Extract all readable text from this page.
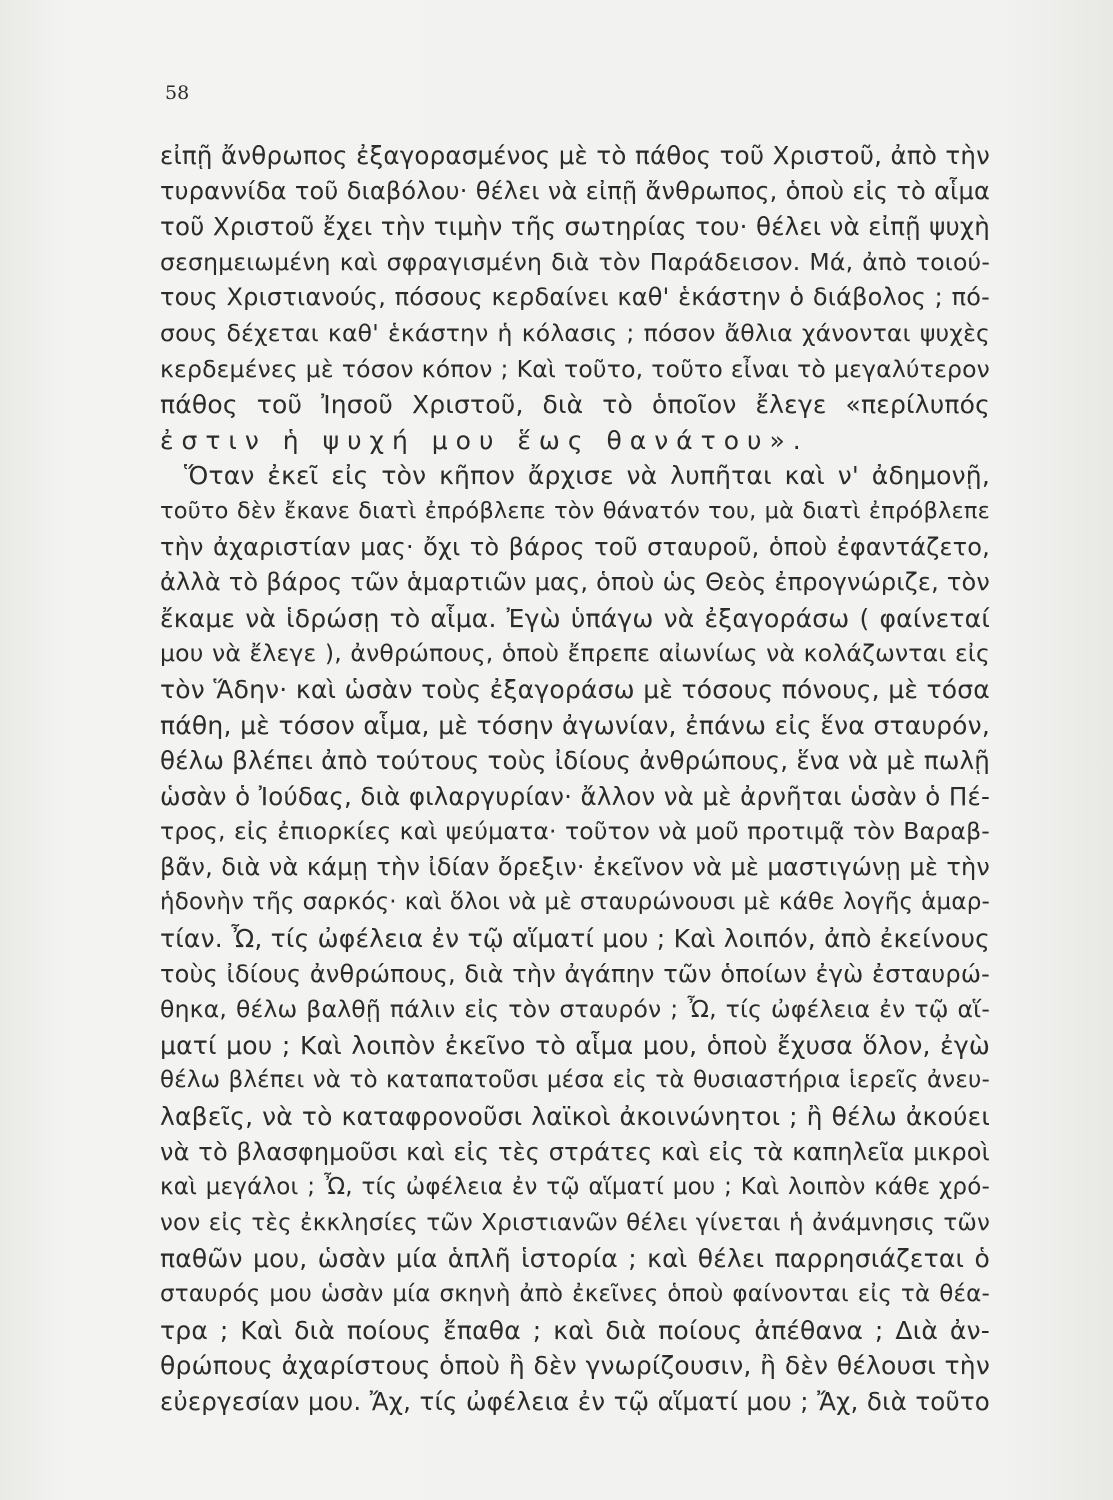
58
εἰπῇ ἄνθρωπος ἐξαγορασμένος μὲ τὸ πάθος τοῦ Χριστοῦ, ἀπὸ τὴν
τυραννίδα τοῦ διαβόλου· θέλει νὰ εἰπῇ ἄνθρωπος, ὁποὺ εἰς τὸ αἷμα
τοῦ Χριστοῦ ἔχει τὴν τιμὴν τῆς σωτηρίας του· θέλει νὰ εἰπῇ ψυχὴ
σεσημειωμένη καὶ σφραγισμένη διὰ τὸν Παράδεισον. Μά, ἀπὸ τοιού-
τους Χριστιανούς, πόσους κερδαίνει καθ' ἑκάστην ὁ διάβολος ; πό-
σους δέχεται καθ' ἑκάστην ἡ κόλασις ; πόσον ἄθλια χάνονται ψυχὲς
κερδεμένες μὲ τόσον κόπον ; Καὶ τοῦτο, τοῦτο εἶναι τὸ μεγαλύτερον
πάθος τοῦ Ἰησοῦ Χριστοῦ, διὰ τὸ ὁποῖον ἔλεγε «περίλυπός
ἐστιν ἡ ψυχή μου ἕως θανάτου».
Ὅταν ἐκεῖ εἰς τὸν κῆπον ἄρχισε νὰ λυπῆται καὶ ν' ἀδημονῇ,
τοῦτο δὲν ἔκανε διατὶ ἐπρόβλεπε τὸν θάνατόν του, μὰ διατὶ ἐπρόβλεπε
τὴν ἀχαριστίαν μας· ὄχι τὸ βάρος τοῦ σταυροῦ, ὁποὺ ἐφαντάζετο,
ἀλλὰ τὸ βάρος τῶν ἁμαρτιῶν μας, ὁποὺ ὡς Θεὸς ἐπρογνώριζε, τὸν
ἔκαμε νὰ ἱδρώσῃ τὸ αἷμα. Ἐγὼ ὑπάγω νὰ ἐξαγοράσω ( φαίνεταί
μου νὰ ἔλεγε ), ἀνθρώπους, ὁποὺ ἔπρεπε αἰωνίως νὰ κολάζωνται εἰς
τὸν Ἅδην· καὶ ὡσὰν τοὺς ἐξαγοράσω μὲ τόσους πόνους, μὲ τόσα
πάθη, μὲ τόσον αἷμα, μὲ τόσην ἀγωνίαν, ἐπάνω εἰς ἕνα σταυρόν,
θέλω βλέπει ἀπὸ τούτους τοὺς ἰδίους ἀνθρώπους, ἕνα νὰ μὲ πωλῇ
ὡσὰν ὁ Ἰούδας, διὰ φιλαργυρίαν· ἄλλον νὰ μὲ ἀρνῆται ὡσὰν ὁ Πέ-
τρος, εἰς ἐπιορκίες καὶ ψεύματα· τοῦτον νὰ μοῦ προτιμᾷ τὸν Βαραβ-
βᾶν, διὰ νὰ κάμῃ τὴν ἰδίαν ὄρεξιν· ἐκεῖνον νὰ μὲ μαστιγώνῃ μὲ τὴν
ἡδονὴν τῆς σαρκός· καὶ ὅλοι νὰ μὲ σταυρώνουσι μὲ κάθε λογῆς ἁμαρ-
τίαν. Ὦ, τίς ὠφέλεια ἐν τῷ αἵματί μου ; Καὶ λοιπόν, ἀπὸ ἐκείνους
τοὺς ἰδίους ἀνθρώπους, διὰ τὴν ἀγάπην τῶν ὁποίων ἐγὼ ἐσταυρώ-
θηκα, θέλω βαλθῇ πάλιν εἰς τὸν σταυρόν ; Ὦ, τίς ὠφέλεια ἐν τῷ αἵ-
ματί μου ; Καὶ λοιπὸν ἐκεῖνο τὸ αἷμα μου, ὁποὺ ἔχυσα ὅλον, ἐγὼ
θέλω βλέπει νὰ τὸ καταπατοῦσι μέσα εἰς τὰ θυσιαστήρια ἱερεῖς ἀνευ-
λαβεῖς, νὰ τὸ καταφρονοῦσι λαϊκοὶ ἀκοινώνητοι ; ἢ θέλω ἀκούει
νὰ τὸ βλασφημοῦσι καὶ εἰς τὲς στράτες καὶ εἰς τὰ καπηλεῖα μικροὶ
καὶ μεγάλοι ; Ὦ, τίς ὠφέλεια ἐν τῷ αἵματί μου ; Καὶ λοιπὸν κάθε χρό-
νον εἰς τὲς ἐκκλησίες τῶν Χριστιανῶν θέλει γίνεται ἡ ἀνάμνησις τῶν
παθῶν μου, ὡσὰν μία ἁπλῆ ἱστορία ; καὶ θέλει παρρησιάζεται ὁ
σταυρός μου ὡσὰν μία σκηνὴ ἀπὸ ἐκεῖνες ὁποὺ φαίνονται εἰς τὰ θέα-
τρα ; Καὶ διὰ ποίους ἔπαθα ; καὶ διὰ ποίους ἀπέθανα ; Διὰ ἀν-
θρώπους ἀχαρίστους ὁποὺ ἢ δὲν γνωρίζουσιν, ἢ δὲν θέλουσι τὴν
εὐεργεσίαν μου. Ἄχ, τίς ὠφέλεια ἐν τῷ αἵματί μου ; Ἄχ, διὰ τοῦτο
